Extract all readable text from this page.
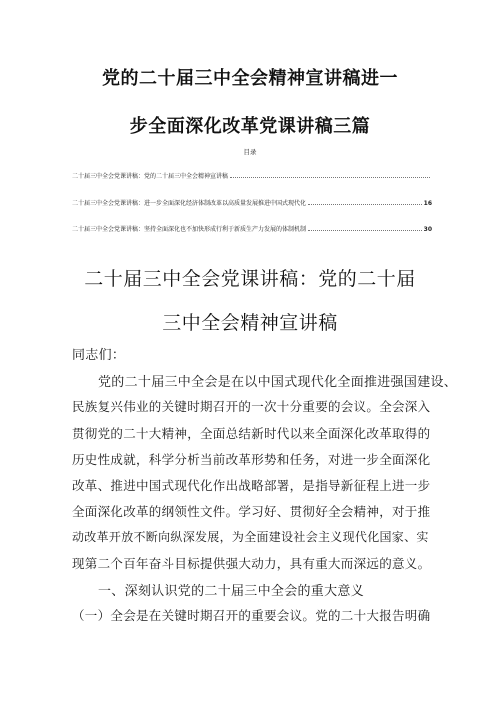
党的二十届三中全会精神宣讲稿进一
步全面深化改革党课讲稿三篇
目录
二十届三中全会党课讲稿：党的二十届三中全会精神宣讲稿
二十届三中全会党课讲稿：进一步全面深化经济体制改革以高质量发展推进中国式现代化	16
二十届三中全会党课讲稿：坚持全面深化也不加快形成行利于新质生产力发展的体制机制	30
二十届三中全会党课讲稿：党的二十届
三中全会精神宣讲稿
同志们：
党的二十届三中全会是在以中国式现代化全面推进强国建设、
民族复兴伟业的关键时期召开的一次十分重要的会议。全会深入
贯彻党的二十大精神，全面总结新时代以来全面深化改革取得的
历史性成就，科学分析当前改革形势和任务，对进一步全面深化
改革、推进中国式现代化作出战略部署，是指导新征程上进一步
全面深化改革的纲领性文件。学习好、贯彻好全会精神，对于推
动改革开放不断向纵深发展，为全面建设社会主义现代化国家、实
现第二个百年奋斗目标提供强大动力，具有重大而深远的意义。
一、深刻认识党的二十届三中全会的重大意义
（一）全会是在关键时期召开的重要会议。党的二十大报告明确
